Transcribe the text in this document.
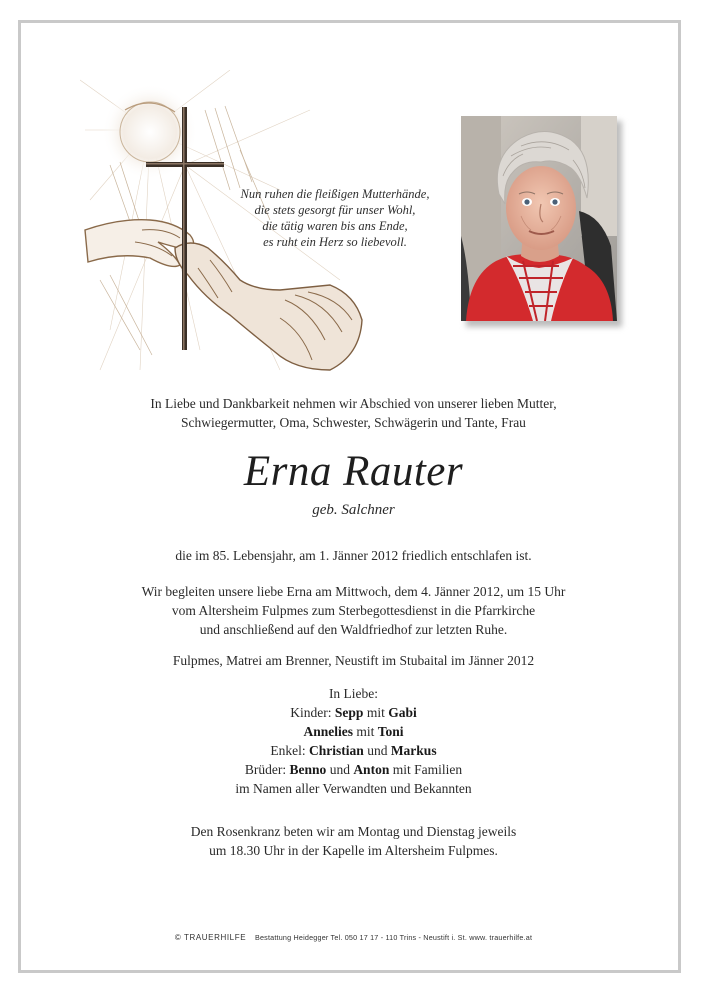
Nun ruhen die fleißigen Mutterhände,
die stets gesorgt für unser Wohl,
die tätig waren bis ans Ende,
es ruht ein Herz so liebevoll.
In Liebe und Dankbarkeit nehmen wir Abschied von unserer lieben Mutter,
Schwiegermutter, Oma, Schwester, Schwägerin und Tante, Frau
Erna Rauter
geb. Salchner
die im 85. Lebensjahr, am 1. Jänner 2012 friedlich entschlafen ist.
Wir begleiten unsere liebe Erna am Mittwoch, dem 4. Jänner 2012, um 15 Uhr
vom Altersheim Fulpmes zum Sterbegottesdienst in die Pfarrkirche
und anschließend auf den Waldfriedhof zur letzten Ruhe.
Fulpmes, Matrei am Brenner, Neustift im Stubaital im Jänner 2012
In Liebe:
Kinder: Sepp mit Gabi
Annelies mit Toni
Enkel: Christian und Markus
Brüder: Benno und Anton mit Familien
im Namen aller Verwandten und Bekannten
Den Rosenkranz beten wir am Montag und Dienstag jeweils
um 18.30 Uhr in der Kapelle im Altersheim Fulpmes.
© TRAUERHILFE Bestattung Heidegger Tel. 050 17 17 - 110 Trins - Neustift i. St. www. trauerhilfe.at
